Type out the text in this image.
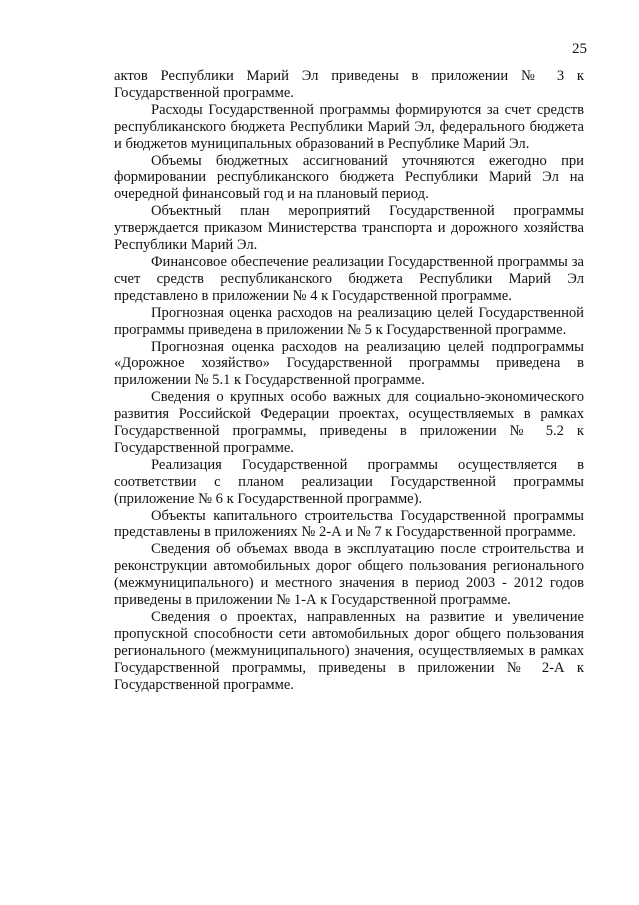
25

актов Республики Марий Эл приведены в приложении № 3 к Государственной программе.

Расходы Государственной программы формируются за счет средств республиканского бюджета Республики Марий Эл, федерального бюджета и бюджетов муниципальных образований в Республике Марий Эл.

Объемы бюджетных ассигнований уточняются ежегодно при формировании республиканского бюджета Республики Марий Эл на очередной финансовый год и на плановый период.

Объектный план мероприятий Государственной программы утверждается приказом Министерства транспорта и дорожного хозяйства Республики Марий Эл.

Финансовое обеспечение реализации Государственной программы за счет средств республиканского бюджета Республики Марий Эл представлено в приложении № 4 к Государственной программе.

Прогнозная оценка расходов на реализацию целей Государственной программы приведена в приложении № 5 к Государственной программе.

Прогнозная оценка расходов на реализацию целей подпрограммы «Дорожное хозяйство» Государственной программы приведена в приложении № 5.1 к Государственной программе.

Сведения о крупных особо важных для социально-экономического развития Российской Федерации проектах, осуществляемых в рамках Государственной программы, приведены в приложении № 5.2 к Государственной программе.

Реализация Государственной программы осуществляется в соответствии с планом реализации Государственной программы (приложение № 6 к Государственной программе).

Объекты капитального строительства Государственной программы представлены в приложениях № 2-А и № 7 к Государственной программе.

Сведения об объемах ввода в эксплуатацию после строительства и реконструкции автомобильных дорог общего пользования регионального (межмуниципального) и местного значения в период 2003 - 2012 годов приведены в приложении № 1-А к Государственной программе.

Сведения о проектах, направленных на развитие и увеличение пропускной способности сети автомобильных дорог общего пользования регионального (межмуниципального) значения, осуществляемых в рамках Государственной программы, приведены в приложении № 2-А к Государственной программе.
